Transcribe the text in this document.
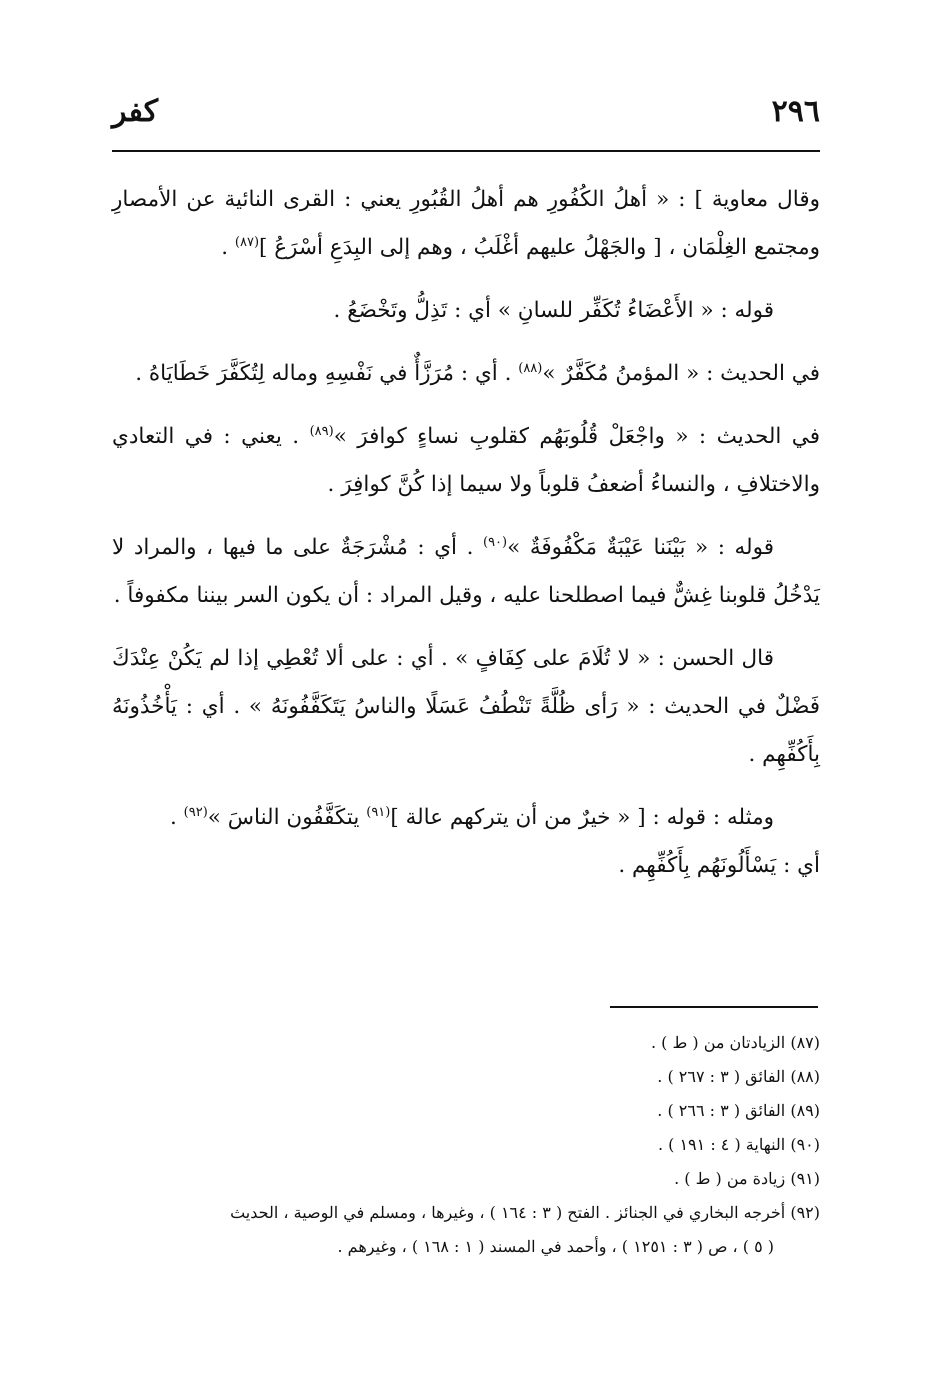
٢٩٦
كفر

وقال معاوية ] : « أهلُ الكُفُورِ هم أهلُ القُبُورِ يعني : القرى النائية عن الأمصارِ ومجتمع الغِلْمَان ، [ والجَهْلُ عليهم أغْلَبُ ، وهم إلى البِدَعِ أسْرَعُ ]$^{(٨٧)}$ .

قوله : « الأَعْضَاءُ تُكَفِّر للسانِ » أي : تَذِلُّ وتَخْضَعُ .

في الحديث : « المؤمنُ مُكَفَّرٌ »$^{(٨٨)}$ . أي : مُرَزَّأٌ في نَفْسِهِ وماله لِتُكَفَّرَ خَطَايَاهُ .

في الحديث : « واجْعَلْ قُلُوبَهُم كقلوبِ نساءٍ كوافرَ »$^{(٨٩)}$ . يعني : في التعادي والاختلافِ ، والنساءُ أضعفُ قلوباً ولا سيما إذا كُنَّ كوافِرَ .

قوله : « بَيْنَنا عَيْبَةٌ مَكْفُوفَةٌ »$^{(٩٠)}$ . أي : مُشْرَجَةٌ على ما فيها ، والمراد لا يَدْخُلُ قلوبنا غِشٌّ فيما اصطلحنا عليه ، وقيل المراد : أن يكون السر بيننا مكفوفاً .

قال الحسن : « لا تُلَامَ على كِفَافٍ » . أي : على ألا تُعْطِي إذا لم يَكُنْ عِنْدَكَ فَضْلٌ في الحديث : « رَأى ظُلَّةً تَنْطُفُ عَسَلًا والناسُ يَتَكَفَّفُونَهُ » . أي : يَأْخُذُونَهُ بِأَكُفِّهِم .

ومثله : قوله : [ « خيرٌ من أن يتركهم عالة ]$^{(٩١)}$ يتكَفَّفُون الناسَ »$^{(٩٢)}$ .

أي : يَسْأَلُونَهُم بِأَكُفِّهِم .

(٨٧) الزيادتان من ( ط ) .

(٨٨) الفائق ( ٣ : ٢٦٧ ) .

(٨٩) الفائق ( ٣ : ٢٦٦ ) .

(٩٠) النهاية ( ٤ : ١٩١ ) .

(٩١) زيادة من ( ط ) .

(٩٢) أخرجه البخاري في الجنائز . الفتح ( ٣ : ١٦٤ ) ، وغيرها ، ومسلم في الوصية ، الحديث

( ٥ ) ، ص ( ٣ : ١٢٥١ ) ، وأحمد في المسند ( ١ : ١٦٨ ) ، وغيرهم .
